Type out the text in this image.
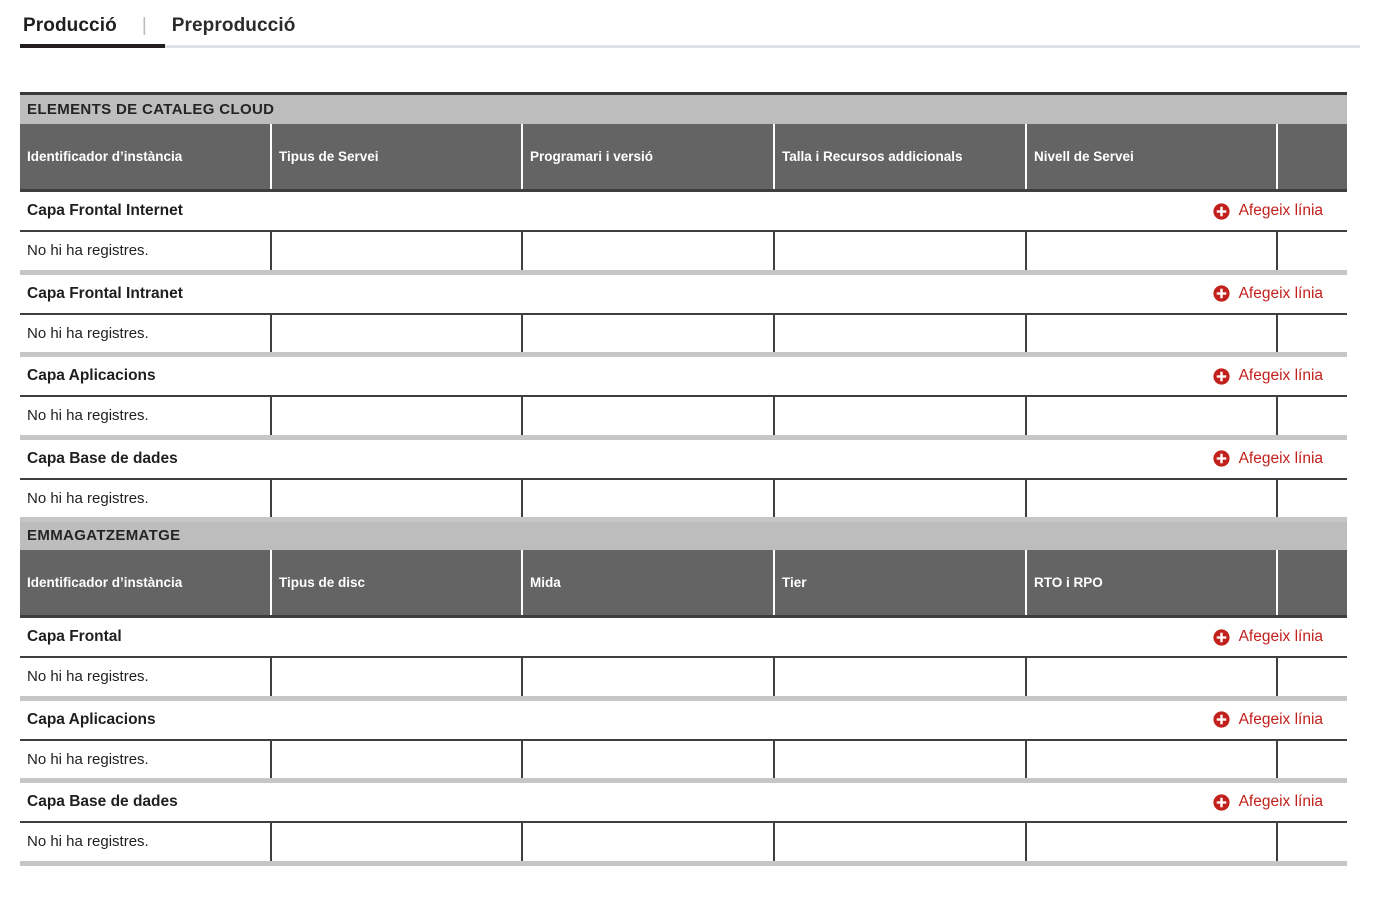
Producció | Preproducció
ELEMENTS DE CATALEG CLOUD					
Identificador d’instància	Tipus de Servei	Programari i versió	Talla i Recursos addicionals	Nivell de Servei	

Capa Frontal Internet Afegeix línia					

No hi ha registres.					

Capa Frontal Intranet Afegeix línia					

No hi ha registres.					

Capa Aplicacions Afegeix línia					

No hi ha registres.					

Capa Base de dades Afegeix línia					

No hi ha registres.					
EMMAGATZEMATGE					
Identificador d’instància	Tipus de disc	Mida	Tier	RTO i RPO	

Capa Frontal Afegeix línia					

No hi ha registres.					

Capa Aplicacions Afegeix línia					

No hi ha registres.					

Capa Base de dades Afegeix línia					

No hi ha registres.					
